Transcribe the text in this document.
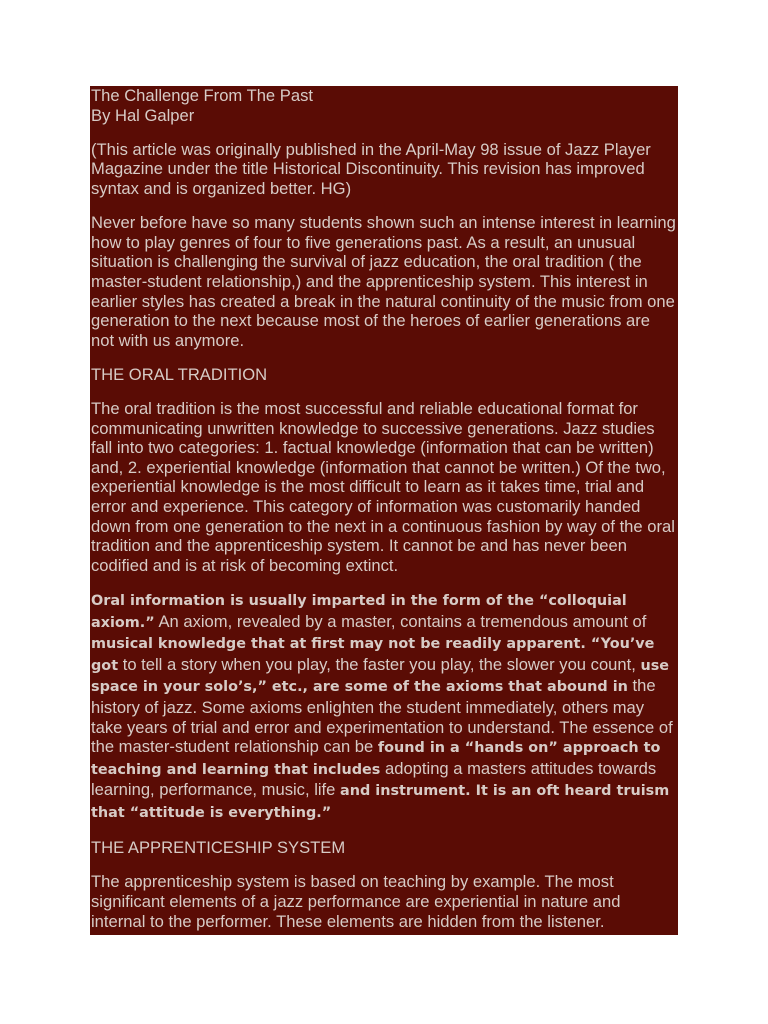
The Challenge From The Past

By Hal Galper

(This article was originally published in the April-May 98 issue of Jazz Player Magazine under the title Historical Discontinuity. This revision has improved syntax and is organized better. HG)

Never before have so many students shown such an intense interest in learning how to play genres of four to five generations past. As a result, an unusual situation is challenging the survival of jazz education, the oral tradition ( the master-student relationship,) and the apprenticeship system. This interest in earlier styles has created a break in the natural continuity of the music from one generation to the next because most of the heroes of earlier generations are not with us anymore.

THE ORAL TRADITION

The oral tradition is the most successful and reliable educational format for communicating unwritten knowledge to successive generations. Jazz studies fall into two categories: 1. factual knowledge (information that can be written) and, 2. experiential knowledge (information that cannot be written.) Of the two, experiential knowledge is the most difficult to learn as it takes time, trial and error and experience. This category of information was customarily handed down from one generation to the next in a continuous fashion by way of the oral tradition and the apprenticeship system. It cannot be and has never been codified and is at risk of becoming extinct.

Oral information is usually imparted in the form of the “colloquial axiom.” An axiom, revealed by a master, contains a tremendous amount of musical knowledge that at first may not be readily apparent. “You’ve got to tell a story when you play, the faster you play, the slower you count, use space in your solo’s,” etc., are some of the axioms that abound in the history of jazz. Some axioms enlighten the student immediately, others may take years of trial and error and experimentation to understand. The essence of the master-student relationship can be found in a “hands on” approach to teaching and learning that includes adopting a masters attitudes towards learning, performance, music, life and instrument. It is an oft heard truism that “attitude is everything.”

THE APPRENTICESHIP SYSTEM

The apprenticeship system is based on teaching by example. The most significant elements of a jazz performance are experiential in nature and internal to the performer. These elements are hidden from the listener.
